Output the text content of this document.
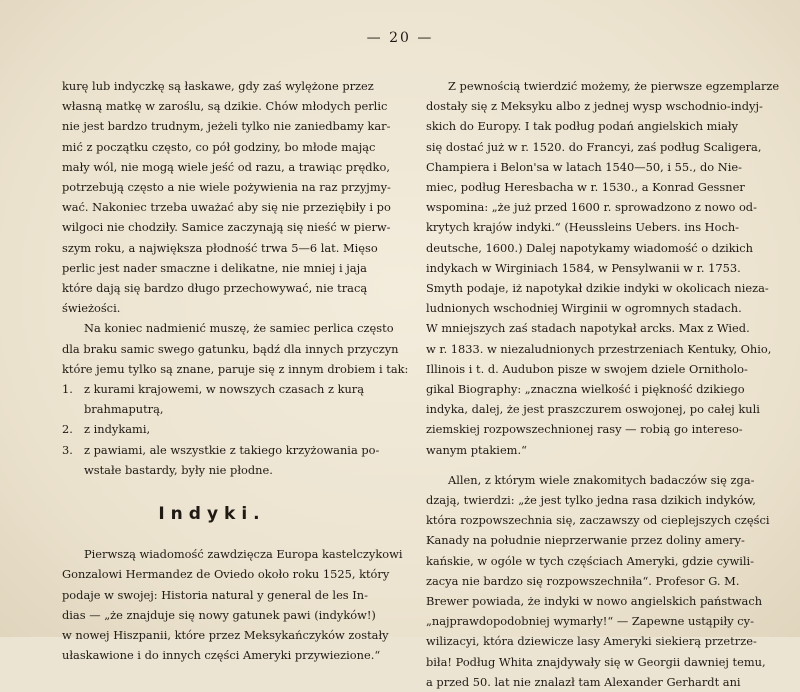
— 20 —
kurę lub indyczkę są łaskawe, gdy zaś wylężone przez
własną matkę w zaroślu, są dzikie. Chów młodych perlic
nie jest bardzo trudnym, jeżeli tylko nie zaniedbamy kar-
mić z początku często, co pół godziny, bo młode mając
mały wól, nie mogą wiele jeść od razu, a trawiąc prędko,
potrzebują często a nie wiele pożywienia na raz przyjmy-
wać. Nakoniec trzeba uważać aby się nie przeziębiły i po
wilgoci nie chodziły. Samice zaczynają się nieść w pierw-
szym roku, a największa płodność trwa 5—6 lat. Mięso
perlic jest nader smaczne i delikatne, nie mniej i jaja
które dają się bardzo długo przechowywać, nie tracą
świeżości.
Na koniec nadmienić muszę, że samiec perlica często
dla braku samic swego gatunku, bądź dla innych przyczyn
które jemu tylko są znane, paruje się z innym drobiem i tak:
1. z kurami krajowemi, w nowszych czasach z kurą
brahmaputrą,
2. z indykami,
3. z pawiami, ale wszystkie z takiego krzyżowania po-
wstałe bastardy, były nie płodne.
Indyki.
Pierwszą wiadomość zawdzięcza Europa kastelczykowi
Gonzalowi Hermandez de Oviedo około roku 1525, który
podaje w swojej: Historia natural y general de les In-
dias — „że znajduje się nowy gatunek pawi (indyków!)
w nowej Hiszpanii, które przez Meksykańczyków zostały
ułaskawione i do innych części Ameryki przywiezione.“
Z pewnością twierdzić możemy, że pierwsze egzemplarze
dostały się z Meksyku albo z jednej wysp wschodnio-indyj-
skich do Europy. I tak podług podań angielskich miały
się dostać już w r. 1520. do Francyi, zaś podług Scaligera,
Champiera i Belon'sa w latach 1540—50, i 55., do Nie-
miec, podług Heresbacha w r. 1530., a Konrad Gessner
wspomina: „że już przed 1600 r. sprowadzono z nowo od-
krytych krajów indyki.“ (Heussleins Uebers. ins Hoch-
deutsche, 1600.) Dalej napotykamy wiadomość o dzikich
indykach w Wirginiach 1584, w Pensylwanii w r. 1753.
Smyth podaje, iż napotykał dzikie indyki w okolicach nieza-
ludnionych wschodniej Wirginii w ogromnych stadach.
W mniejszych zaś stadach napotykał arcks. Max z Wied.
w r. 1833. w niezaludnionych przestrzeniach Kentuky, Ohio,
Illinois i t. d. Audubon pisze w swojem dziele Ornitholo-
gikal Biography: „znaczna wielkość i piękność dzikiego
indyka, dalej, że jest praszczurem oswojonej, po całej kuli
ziemskiej rozpowszechnionej rasy — robią go intereso-
wanym ptakiem.“
Allen, z którym wiele znakomitych badaczów się zga-
dzają, twierdzi: „że jest tylko jedna rasa dzikich indyków,
która rozpowszechnia się, zaczawszy od cieplejszych części
Kanady na południe nieprzerwanie przez doliny amery-
kańskie, w ogóle w tych częściach Ameryki, gdzie cywili-
zacya nie bardzo się rozpowszechniła“. Profesor G. M.
Brewer powiada, że indyki w nowo angielskich państwach
„najprawdopodobniej wymarły!“ — Zapewne ustąpiły cy-
wilizacyi, która dziewicze lasy Ameryki siekierą przetrze-
biła! Podług Whita znajdywały się w Georgii dawniej temu,
a przed 50. lat nie znalazł tam Alexander Gerhardt ani
